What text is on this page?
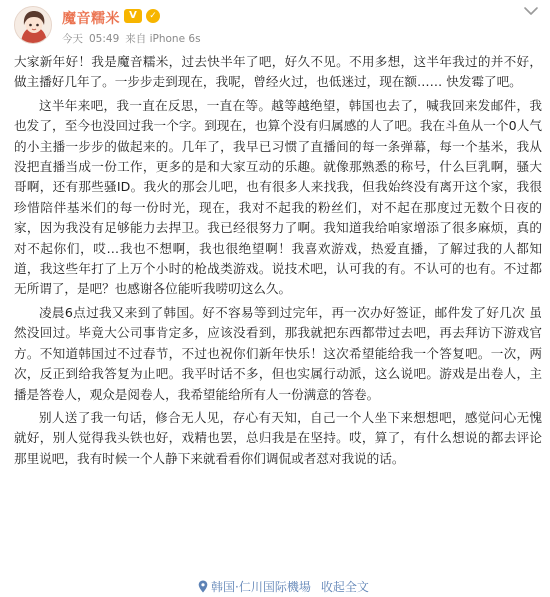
魔音糯米 V	✓
今天 05:49 来自 iPhone 6s

大家新年好！我是魔音糯米，过去快半年了吧，好久不见。不用多想，这半年我过的并不好，做主播好几年了。一步步走到现在，我呢，曾经火过，也低迷过，现在额…… 快发霉了吧。

这半年来吧，我一直在反思，一直在等。越等越绝望，韩国也去了，喊我回来发邮件，我也发了，至今也没回过我一个字。到现在，也算个没有归属感的人了吧。我在斗鱼从一个0人气的小主播一步步的做起来的。几年了，我早已习惯了直播间的每一条弹幕，每一个基米，我从没把直播当成一份工作，更多的是和大家互动的乐趣。就像那熟悉的称号，什么巨乳啊，骚大哥啊，还有那些骚ID。我火的那会儿吧，也有很多人来找我，但我始终没有离开这个家，我很珍惜陪伴基米们的每一份时光，现在，我对不起我的粉丝们，对不起在那度过无数个日夜的家，因为我没有足够能力去捍卫。我已经很努力了啊。我知道我给咱家增添了很多麻烦，真的对不起你们，哎…我也不想啊，我也很绝望啊！我喜欢游戏，热爱直播，了解过我的人都知道，我这些年打了上万个小时的枪战类游戏。说技术吧，认可我的有。不认可的也有。不过都无所谓了，是吧？也感谢各位能听我唠叨这么久。

凌晨6点过我又来到了韩国。好不容易等到过完年，再一次办好签证，邮件发了好几次 虽然没回过。毕竟大公司事肯定多，应该没看到，那我就把东西都带过去吧，再去拜访下游戏官方。不知道韩国过不过春节，不过也祝你们新年快乐！这次希望能给我一个答复吧。一次，两次，反正到给我答复为止吧。我平时话不多，但也实属行动派，这么说吧。游戏是出卷人，主播是答卷人，观众是阅卷人，我希望能给所有人一份满意的答卷。

别人送了我一句话，修合无人见，存心有天知，自己一个人坐下来想想吧，感觉问心无愧就好，别人觉得我头铁也好，戏精也罢，总归我是在坚持。哎，算了，有什么想说的都去评论那里说吧，我有时候一个人静下来就看看你们调侃或者怼对我说的话。

韩国·仁川国际機場 收起全文
